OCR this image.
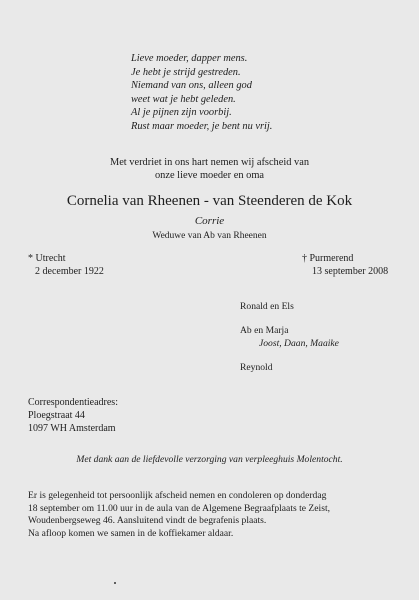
Lieve moeder, dapper mens.
Je hebt je strijd gestreden.
Niemand van ons, alleen god
weet wat je hebt geleden.
Al je pijnen zijn voorbij.
Rust maar moeder, je bent nu vrij.
Met verdriet in ons hart nemen wij afscheid van
onze lieve moeder en oma
Cornelia van Rheenen - van Steenderen de Kok
Corrie
Weduwe van Ab van Rheenen
* Utrecht
2 december 1922
† Purmerend
13 september 2008
Ronald en Els
Ab en Marja
Joost, Daan, Maaike
Reynold
Correspondentieadres:
Ploegstraat 44
1097 WH Amsterdam
Met dank aan de liefdevolle verzorging van verpleeghuis Molentocht.
Er is gelegenheid tot persoonlijk afscheid nemen en condoleren op donderdag
18 september om 11.00 uur in de aula van de Algemene Begraafplaats te Zeist,
Woudenbergseweg 46. Aansluitend vindt de begrafenis plaats.
Na afloop komen we samen in de koffiekamer aldaar.
